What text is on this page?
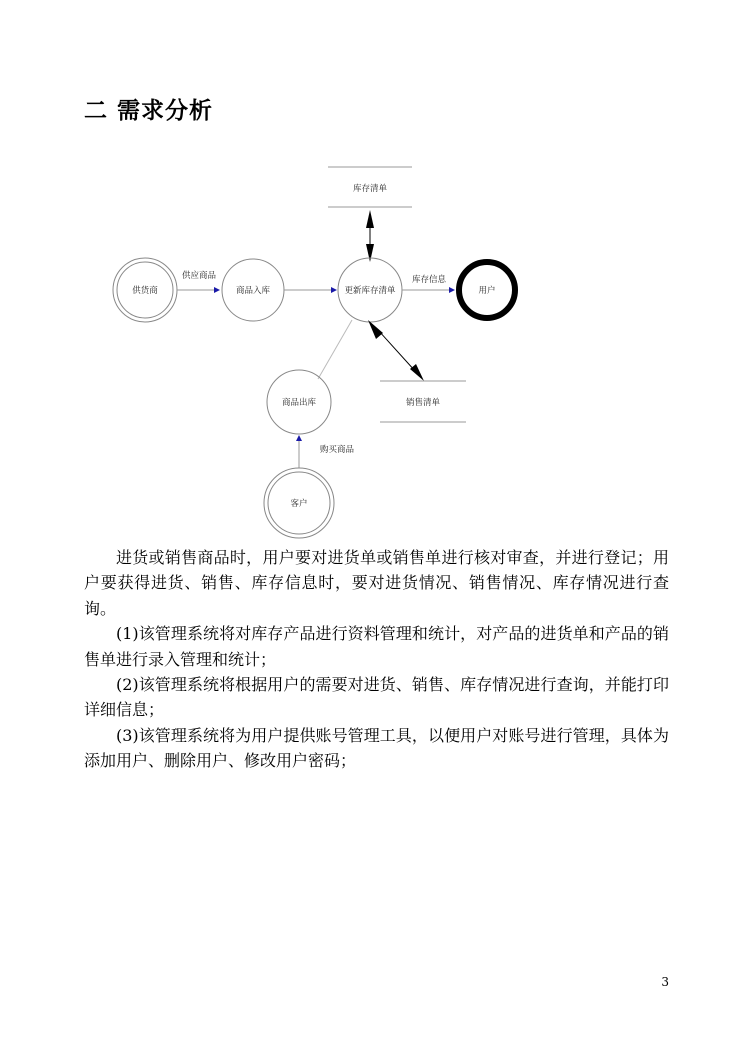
二 需求分析
库存清单
供货商
供应商品
商品入库	更新库存清单
库存信息
用户
销售清单
商品出库
购买商品
客户

进货或销售商品时，用户要对进货单或销售单进行核对审查，并进行登记；用户要获得进货、销售、库存信息时，要对进货情况、销售情况、库存情况进行查询。

(1)该管理系统将对库存产品进行资料管理和统计，对产品的进货单和产品的销售单进行录入管理和统计；

(2)该管理系统将根据用户的需要对进货、销售、库存情况进行查询，并能打印详细信息；

(3)该管理系统将为用户提供账号管理工具，以便用户对账号进行管理，具体为添加用户、删除用户、修改用户密码；

3
